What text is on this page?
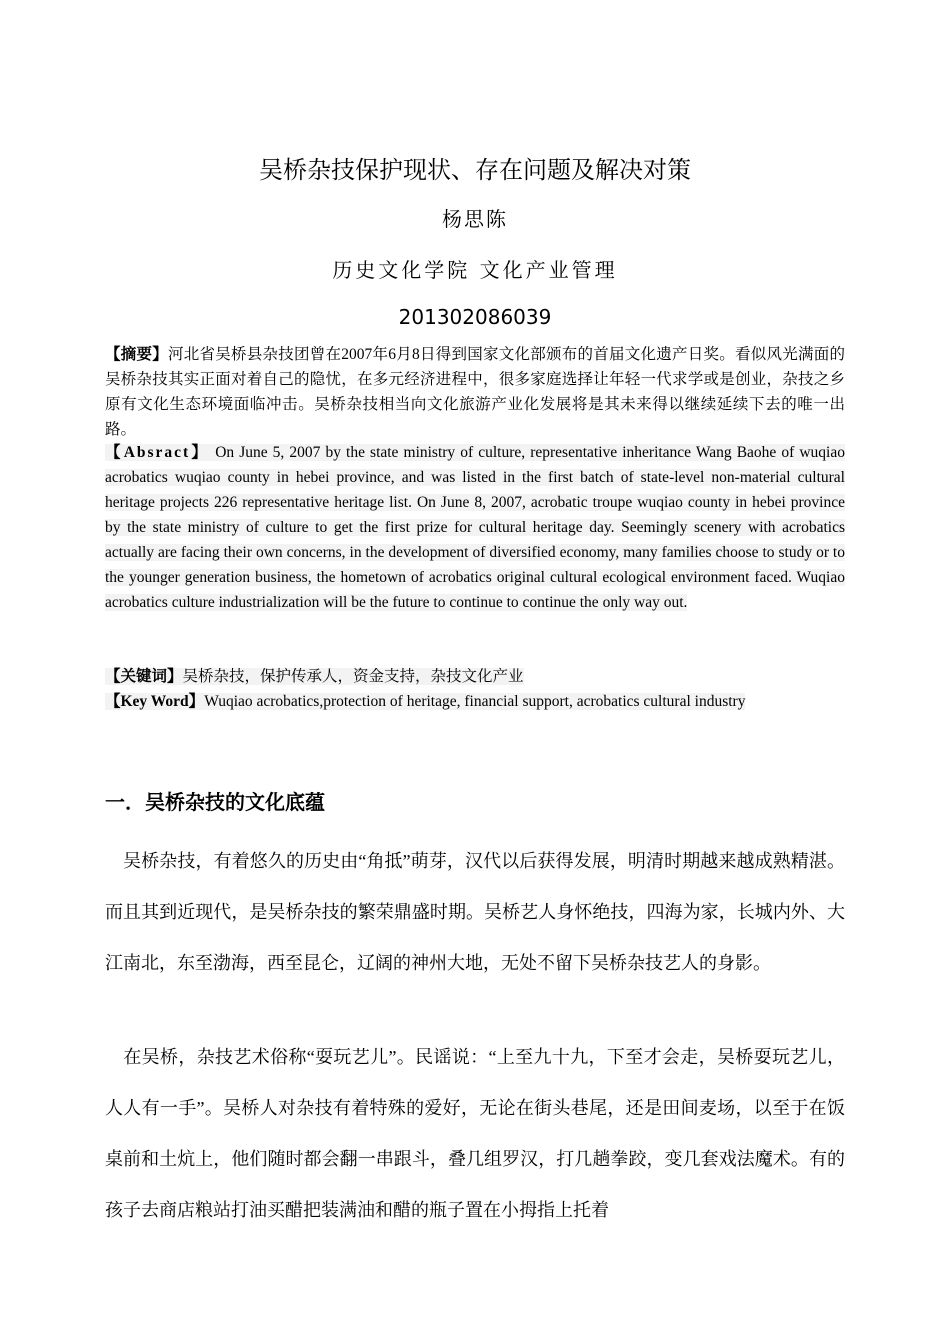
吴桥杂技保护现状、存在问题及解决对策
杨思陈
历史文化学院 文化产业管理
201302086039
【摘要】河北省吴桥县杂技团曾在2007年6月8日得到国家文化部颁布的首届文化遗产日奖。看似风光满面的吴桥杂技其实正面对着自己的隐忧，在多元经济进程中，很多家庭选择让年轻一代求学或是创业，杂技之乡原有文化生态环境面临冲击。吴桥杂技相当向文化旅游产业化发展将是其未来得以继续延续下去的唯一出路。
【Absract】 On June 5, 2007 by the state ministry of culture, representative inheritance Wang Baohe of wuqiao acrobatics wuqiao county in hebei province, and was listed in the first batch of state-level non-material cultural heritage projects 226 representative heritage list. On June 8, 2007, acrobatic troupe wuqiao county in hebei province by the state ministry of culture to get the first prize for cultural heritage day. Seemingly scenery with acrobatics actually are facing their own concerns, in the development of diversified economy, many families choose to study or to the younger generation business, the hometown of acrobatics original cultural ecological environment faced. Wuqiao acrobatics culture industrialization will be the future to continue to continue the only way out.
【关键词】吴桥杂技，保护传承人，资金支持，杂技文化产业
【Key Word】Wuqiao acrobatics,protection of heritage, financial support, acrobatics cultural industry
一．吴桥杂技的文化底蕴
吴桥杂技，有着悠久的历史由“角抵”萌芽，汉代以后获得发展，明清时期越来越成熟精湛。而且其到近现代，是吴桥杂技的繁荣鼎盛时期。吴桥艺人身怀绝技，四海为家，长城内外、大江南北，东至渤海，西至昆仑，辽阔的神州大地，无处不留下吴桥杂技艺人的身影。
在吴桥，杂技艺术俗称“耍玩艺儿”。民谣说：“上至九十九，下至才会走，吴桥耍玩艺儿，人人有一手”。吴桥人对杂技有着特殊的爱好，无论在街头巷尾，还是田间麦场，以至于在饭桌前和土炕上，他们随时都会翻一串跟斗，叠几组罗汉，打几趟拳跤，变几套戏法魔术。有的孩子去商店粮站打油买醋把装满油和醋的瓶子置在小拇指上托着
